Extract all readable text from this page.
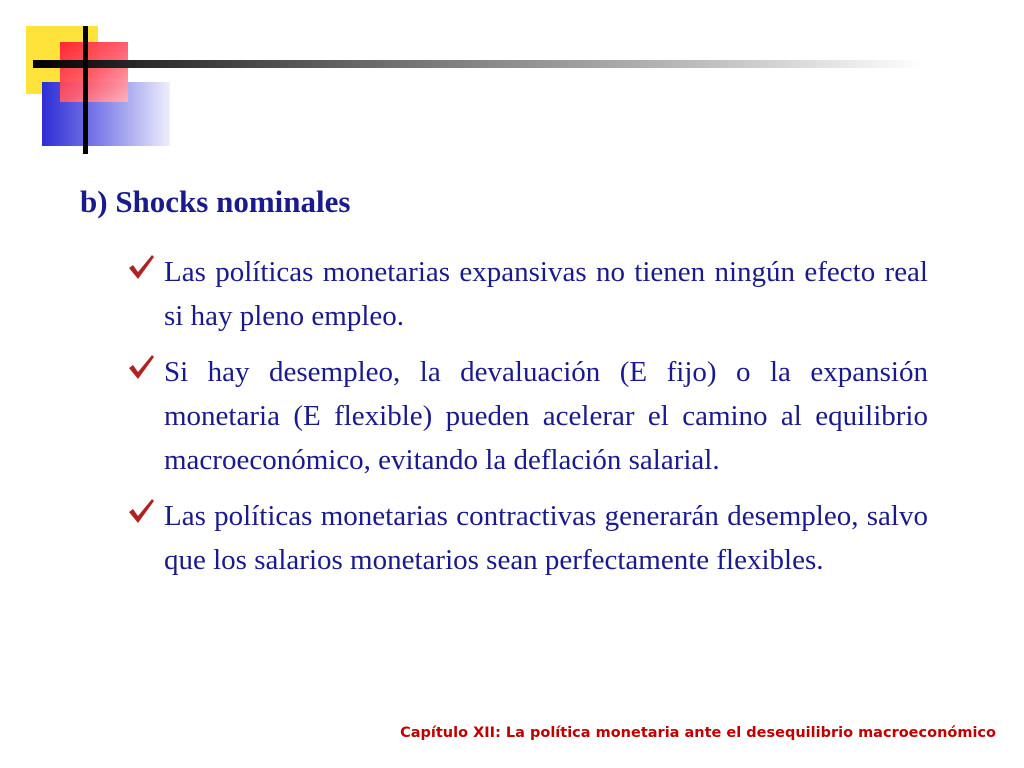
b) Shocks nominales
Las políticas monetarias expansivas no tienen ningún efecto real si hay pleno empleo.
Si hay desempleo, la devaluación (E fijo) o la expansión monetaria (E flexible) pueden acelerar el camino al equilibrio macroeconómico, evitando la deflación salarial.
Las políticas monetarias contractivas generarán desempleo, salvo que los salarios monetarios sean perfectamente flexibles.
Capítulo XII: La política monetaria ante el desequilibrio macroeconómico
